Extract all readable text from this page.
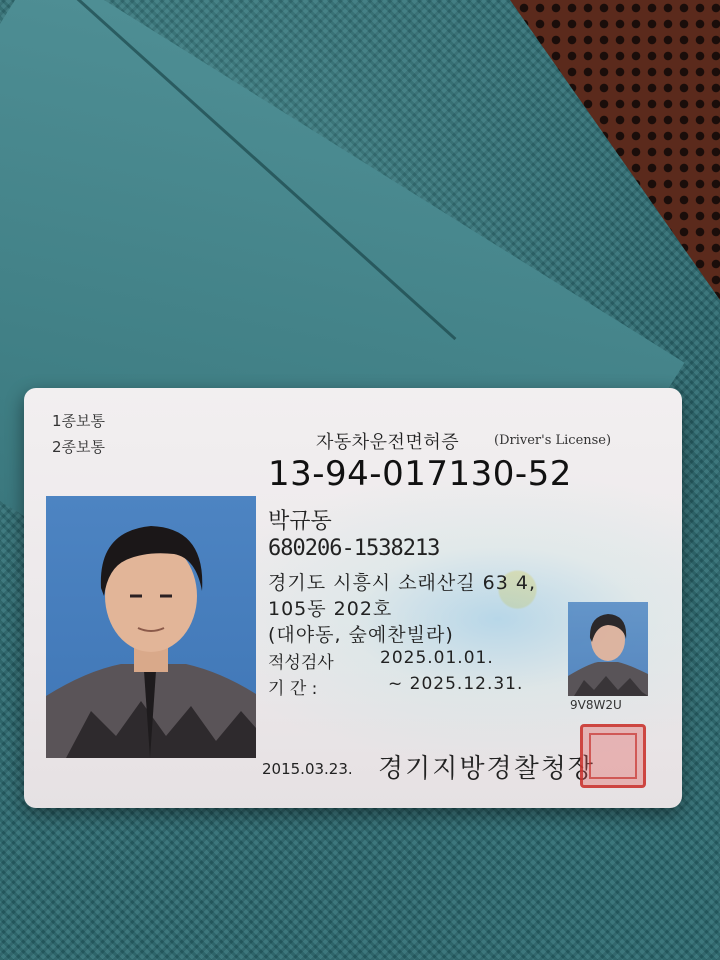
1종보통
2종보통	자동차운전면허증	(Driver's License)
13-94-017130-52
박규동
680206-1538213
경기도 시흥시 소래산길 63 4,
105동 202호
(대야동, 숲예찬빌라)
적성검사	2025.01.01.
기 간 :	~ 2025.12.31.
9V8W2U
2015.03.23. 경기지방경찰청장
